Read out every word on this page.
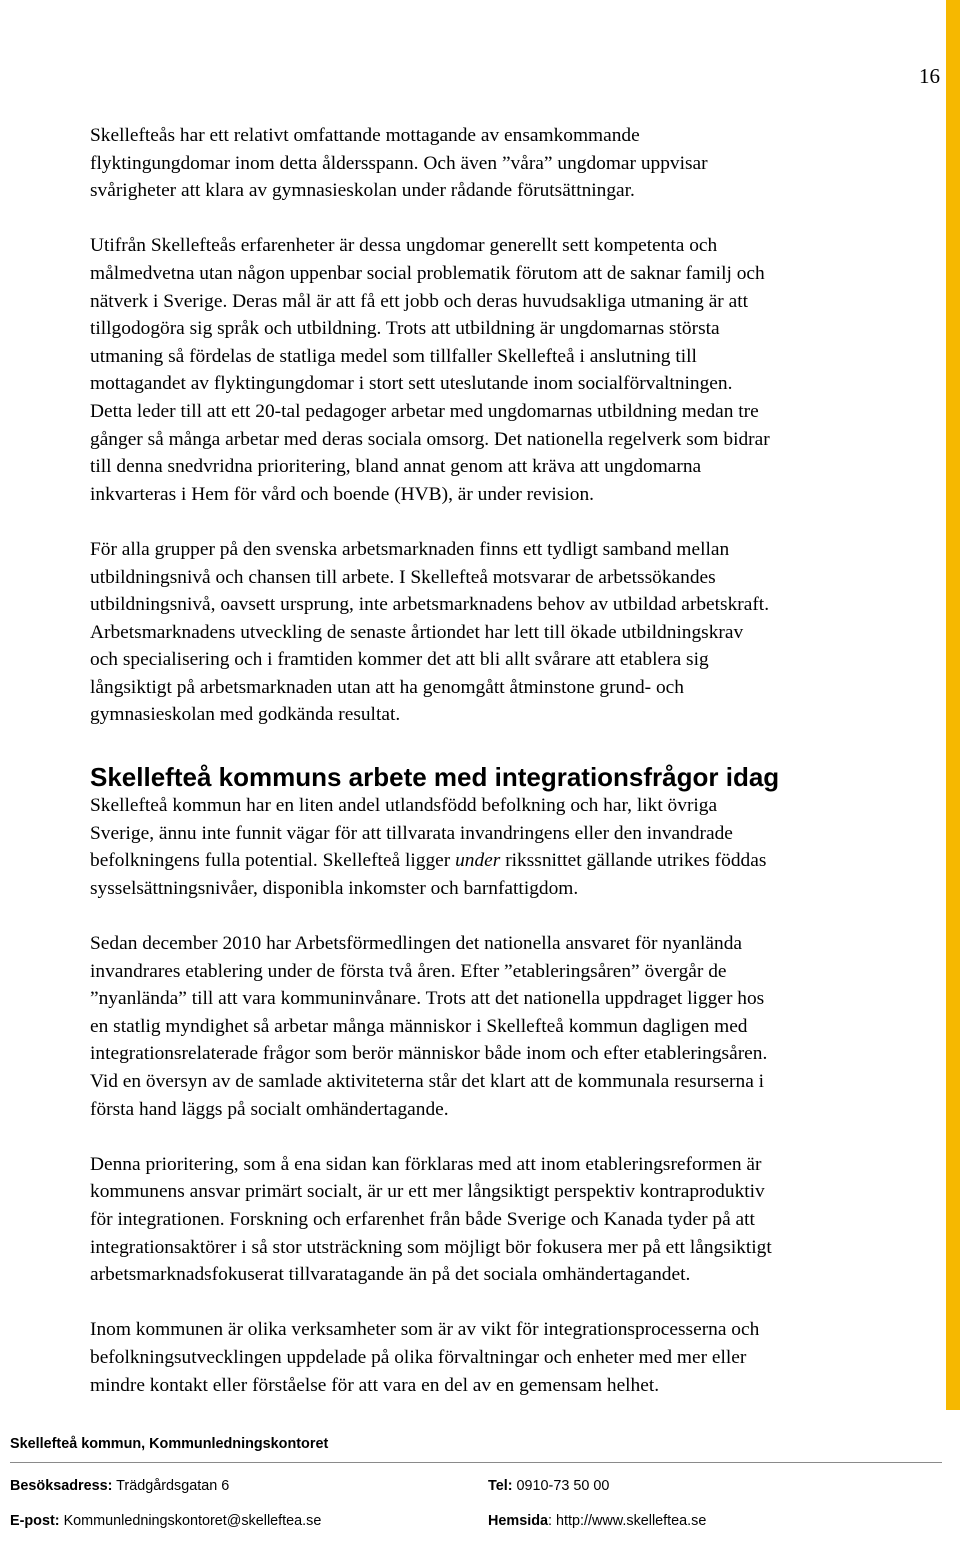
16

Skellefteås har ett relativt omfattande mottagande av ensamkommande
flyktingungdomar inom detta åldersspann. Och även ”våra” ungdomar uppvisar
svårigheter att klara av gymnasieskolan under rådande förutsättningar.

Utifrån Skellefteås erfarenheter är dessa ungdomar generellt sett kompetenta och
målmedvetna utan någon uppenbar social problematik förutom att de saknar familj och
nätverk i Sverige. Deras mål är att få ett jobb och deras huvudsakliga utmaning är att
tillgodogöra sig språk och utbildning. Trots att utbildning är ungdomarnas största
utmaning så fördelas de statliga medel som tillfaller Skellefteå i anslutning till
mottagandet av flyktingungdomar i stort sett uteslutande inom socialförvaltningen.
Detta leder till att ett 20-tal pedagoger arbetar med ungdomarnas utbildning medan tre
gånger så många arbetar med deras sociala omsorg. Det nationella regelverk som bidrar
till denna snedvridna prioritering, bland annat genom att kräva att ungdomarna
inkvarteras i Hem för vård och boende (HVB), är under revision.

För alla grupper på den svenska arbetsmarknaden finns ett tydligt samband mellan
utbildningsnivå och chansen till arbete. I Skellefteå motsvarar de arbetssökandes
utbildningsnivå, oavsett ursprung, inte arbetsmarknadens behov av utbildad arbetskraft.
Arbetsmarknadens utveckling de senaste årtiondet har lett till ökade utbildningskrav
och specialisering och i framtiden kommer det att bli allt svårare att etablera sig
långsiktigt på arbetsmarknaden utan att ha genomgått åtminstone grund- och
gymnasieskolan med godkända resultat.

Skellefteå kommuns arbete med integrationsfrågor idag

Skellefteå kommun har en liten andel utlandsfödd befolkning och har, likt övriga
Sverige, ännu inte funnit vägar för att tillvarata invandringens eller den invandrade
befolkningens fulla potential. Skellefteå ligger under rikssnittet gällande utrikes föddas
sysselsättningsnivåer, disponibla inkomster och barnfattigdom.

Sedan december 2010 har Arbetsförmedlingen det nationella ansvaret för nyanlända
invandrares etablering under de första två åren. Efter ”etableringsåren” övergår de
”nyanlända” till att vara kommuninvånare. Trots att det nationella uppdraget ligger hos
en statlig myndighet så arbetar många människor i Skellefteå kommun dagligen med
integrationsrelaterade frågor som berör människor både inom och efter etableringsåren.
Vid en översyn av de samlade aktiviteterna står det klart att de kommunala resurserna i
första hand läggs på socialt omhändertagande.

Denna prioritering, som å ena sidan kan förklaras med att inom etableringsreformen är
kommunens ansvar primärt socialt, är ur ett mer långsiktigt perspektiv kontraproduktiv
för integrationen. Forskning och erfarenhet från både Sverige och Kanada tyder på att
integrationsaktörer i så stor utsträckning som möjligt bör fokusera mer på ett långsiktigt
arbetsmarknadsfokuserat tillvaratagande än på det sociala omhändertagandet.

Inom kommunen är olika verksamheter som är av vikt för integrationsprocesserna och
befolkningsutvecklingen uppdelade på olika förvaltningar och enheter med mer eller
mindre kontakt eller förståelse för att vara en del av en gemensam helhet.

Skellefteå kommun, Kommunledningskontoret
Besöksadress: Trädgårdsgatan 6	Tel: 0910-73 50 00
E-post: Kommunledningskontoret@skelleftea.se	Hemsida: http://www.skelleftea.se
